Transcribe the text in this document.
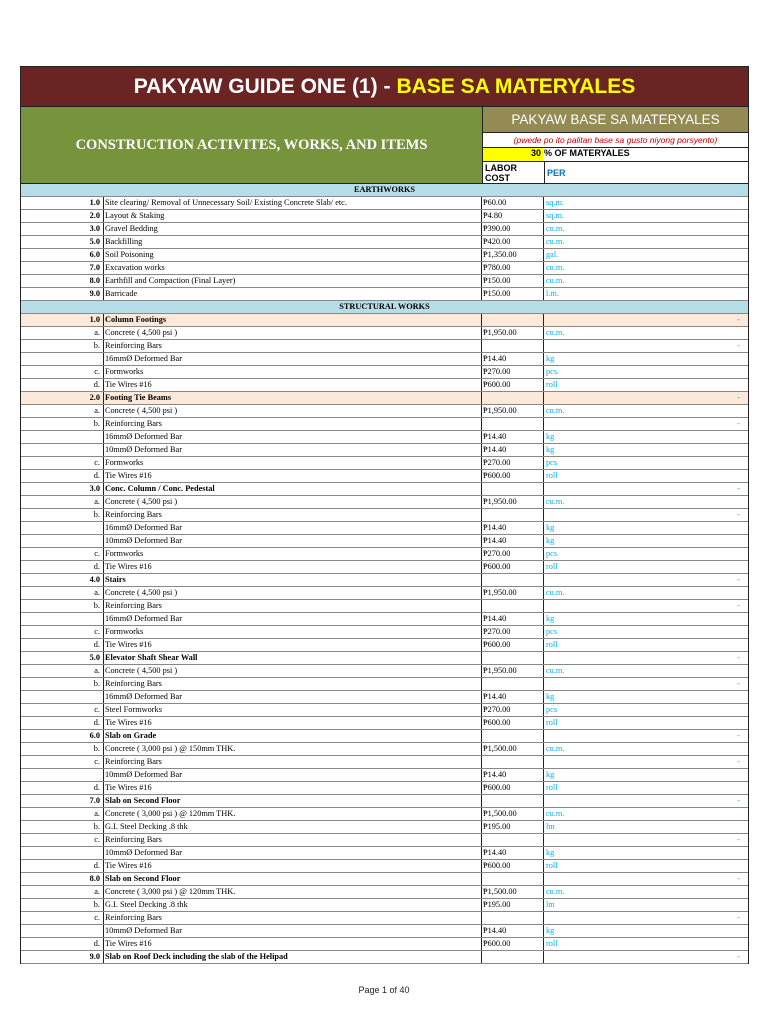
PAKYAW GUIDE ONE (1) - BASE SA MATERYALES
CONSTRUCTION ACTIVITES, WORKS, AND ITEMS
PAKYAW BASE SA MATERYALES
(pwede po ito palitan base sa gusto niyong porsyento)
30 % OF MATERYALES
LABOR COST	PER
EARTHWORKS
1.0 Site clearing/ Removal of Unnecessary Soil/ Existing Concrete Slab/ etc.	₱60.00	sq.m.
2.0 Layout & Staking	₱4.80	sq.m.
3.0 Gravel Bedding	₱390.00	cu.m.
5.0 Backfilling	₱420.00	cu.m.
6.0 Soil Poisoning	₱1,350.00	gal.
7.0 Excavation works	₱780.00	cu.m.
8.0 Earthfill and Compaction (Final Layer)	₱150.00	cu.m.
9.0 Barricade	₱150.00	l.m.
STRUCTURAL WORKS
1.0 Column Footings	-
a. Concrete ( 4,500 psi )	₱1,950.00	cu.m.
b. Reinforcing Bars	-
16mmØ Deformed Bar	₱14.40	kg
c. Formworks	₱270.00	pcs.
d. Tie Wires #16	₱600.00	roll
2.0 Footing Tie Beams	-
a. Concrete ( 4,500 psi )	₱1,950.00	cu.m.
b. Reinforcing Bars	-
16mmØ Deformed Bar	₱14.40	kg
10mmØ Deformed Bar	₱14.40	kg
c. Formworks	₱270.00	pcs
d. Tie Wires #16	₱600.00	roll
3.0 Conc. Column / Conc. Pedestal	-
a. Concrete ( 4,500 psi )	₱1,950.00	cu.m.
b. Reinforcing Bars	-
16mmØ Deformed Bar	₱14.40	kg
10mmØ Deformed Bar	₱14.40	kg
c. Formworks	₱270.00	pcs
d. Tie Wires #16	₱600.00	roll
4.0 Stairs	-
a. Concrete ( 4,500 psi )	₱1,950.00	cu.m.
b. Reinforcing Bars	-
16mmØ Deformed Bar	₱14.40	kg
c. Formworks	₱270.00	pcs
d. Tie Wires #16	₱600.00	roll
5.0 Elevator Shaft Shear Wall	-
a. Concrete ( 4,500 psi )	₱1,950.00	cu.m.
b. Reinforcing Bars	-
16mmØ Deformed Bar	₱14.40	kg
c. Steel Formworks	₱270.00	pcs
d. Tie Wires #16	₱600.00	roll
6.0 Slab on Grade	-
b. Concrete ( 3,000 psi ) @ 150mm THK.	₱1,500.00	cu.m.
c. Reinforcing Bars	-
10mmØ Deformed Bar	₱14.40	kg
d. Tie Wires #16	₱600.00	roll
7.0 Slab on Second Floor	-
a. Concrete ( 3,000 psi ) @ 120mm THK.	₱1,500.00	cu.m.
b. G.I. Steel Decking .8 thk	₱195.00	lm
c. Reinforcing Bars	-
10mmØ Deformed Bar	₱14.40	kg
d. Tie Wires #16	₱600.00	roll
8.0 Slab on Second Floor	-
a. Concrete ( 3,000 psi ) @ 120mm THK.	₱1,500.00	cu.m.
b. G.I. Steel Decking .8 thk	₱195.00	lm
c. Reinforcing Bars	-
10mmØ Deformed Bar	₱14.40	kg
d. Tie Wires #16	₱600.00	roll
9.0 Slab on Roof Deck including the slab of the Helipad	-
Page 1 of 40
